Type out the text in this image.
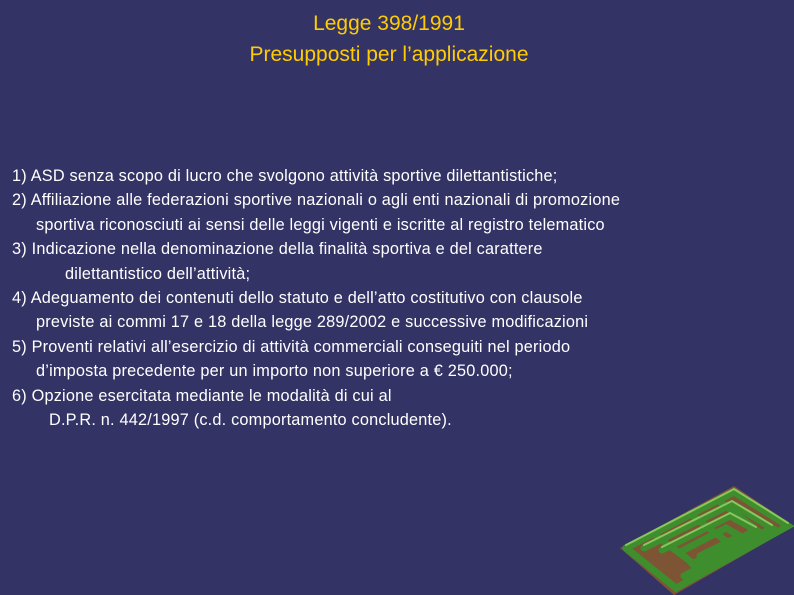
Legge 398/1991
Presupposti per l’applicazione
1) ASD senza scopo di lucro che svolgono attività sportive dilettantistiche;
2) Affiliazione alle federazioni sportive nazionali o agli enti nazionali di promozione
sportiva riconosciuti ai sensi delle leggi vigenti e iscritte al registro telematico
3) Indicazione nella denominazione della finalità sportiva e del carattere
dilettantistico dell’attività;
4) Adeguamento dei contenuti dello statuto e dell’atto costitutivo con clausole
previste ai commi 17 e 18 della legge 289/2002 e successive modificazioni
5) Proventi relativi all’esercizio di attività commerciali conseguiti nel periodo
d’imposta precedente per un importo non superiore a € 250.000;
6) Opzione esercitata mediante le modalità di cui al
D.P.R. n. 442/1997 (c.d. comportamento concludente).
